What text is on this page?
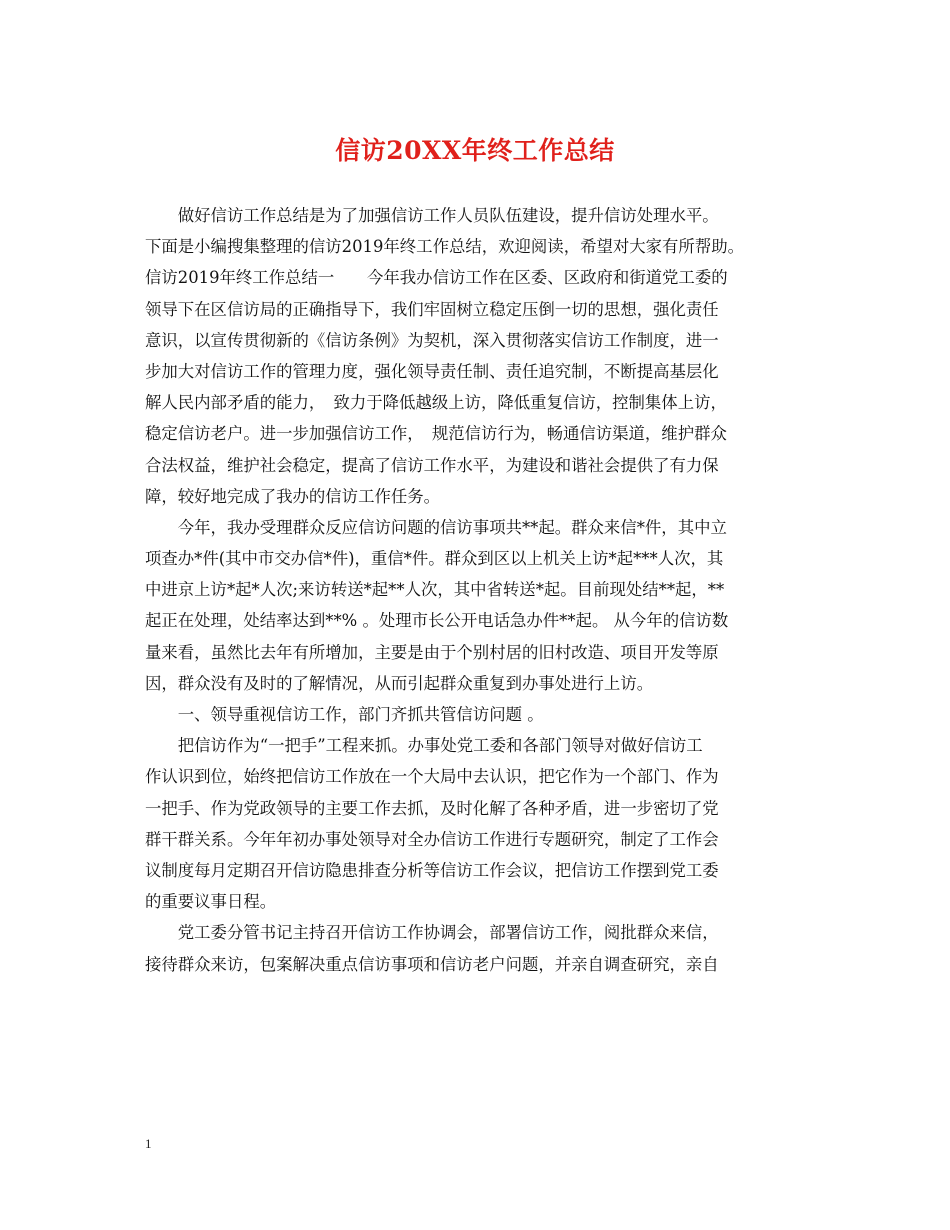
信访20XX年终工作总结
　　做好信访工作总结是为了加强信访工作人员队伍建设，提升信访处理水平。
下面是小编搜集整理的信访2019年终工作总结，欢迎阅读，希望对大家有所帮助。
信访2019年终工作总结一　　今年我办信访工作在区委、区政府和街道党工委的
领导下在区信访局的正确指导下，我们牢固树立稳定压倒一切的思想，强化责任
意识，以宣传贯彻新的《信访条例》为契机，深入贯彻落实信访工作制度，进一
步加大对信访工作的管理力度，强化领导责任制、责任追究制，不断提高基层化
解人民内部矛盾的能力，　致力于降低越级上访，降低重复信访，控制集体上访，
稳定信访老户。进一步加强信访工作，　规范信访行为，畅通信访渠道，维护群众
合法权益，维护社会稳定，提高了信访工作水平，为建设和谐社会提供了有力保
障，较好地完成了我办的信访工作任务。
　　今年，我办受理群众反应信访问题的信访事项共**起。群众来信*件，其中立
项查办*件(其中市交办信*件)，重信*件。群众到区以上机关上访*起***人次，其
中进京上访*起*人次;来访转送*起**人次，其中省转送*起。目前现处结**起，**
起正在处理，处结率达到**% 。处理市长公开电话急办件**起。 从今年的信访数
量来看，虽然比去年有所增加，主要是由于个别村居的旧村改造、项目开发等原
因，群众没有及时的了解情况，从而引起群众重复到办事处进行上访。
　　一、领导重视信访工作，部门齐抓共管信访问题 。
　　把信访作为“一把手”工程来抓。办事处党工委和各部门领导对做好信访工
作认识到位，始终把信访工作放在一个大局中去认识，把它作为一个部门、作为
一把手、作为党政领导的主要工作去抓，及时化解了各种矛盾，进一步密切了党
群干群关系。今年年初办事处领导对全办信访工作进行专题研究，制定了工作会
议制度每月定期召开信访隐患排查分析等信访工作会议，把信访工作摆到党工委
的重要议事日程。
　　党工委分管书记主持召开信访工作协调会，部署信访工作，阅批群众来信，
接待群众来访，包案解决重点信访事项和信访老户问题，并亲自调查研究，亲自
1
